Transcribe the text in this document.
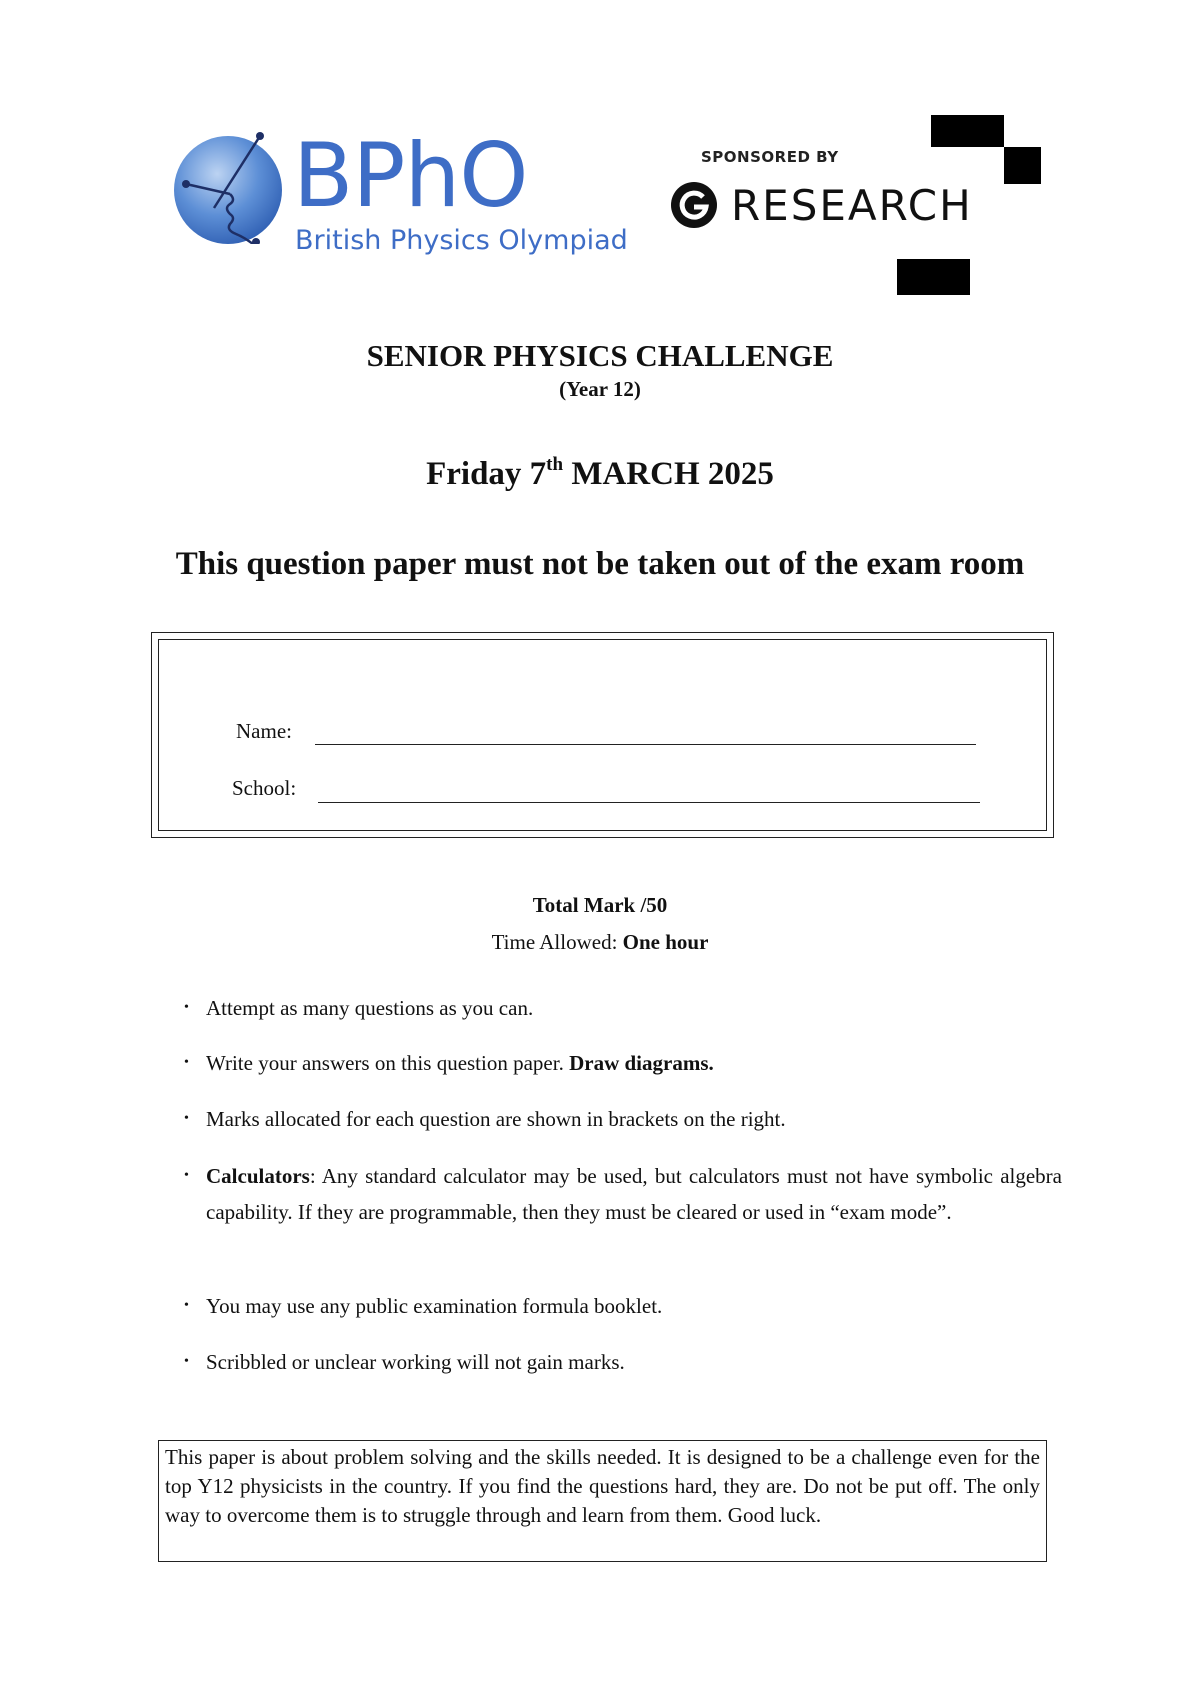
BPhO
British Physics Olympiad
SPONSORED BY
RESEARCH
SENIOR PHYSICS CHALLENGE
(Year 12)
Friday 7th MARCH 2025
This question paper must not be taken out of the exam room
Name:
School:
Total Mark /50
Time Allowed: One hour
• Attempt as many questions as you can.
• Write your answers on this question paper. Draw diagrams.
• Marks allocated for each question are shown in brackets on the right.
• Calculators: Any standard calculator may be used, but calculators must not have symbolic algebra capability. If they are programmable, then they must be cleared or used in “exam mode”.
• You may use any public examination formula booklet.
• Scribbled or unclear working will not gain marks.
This paper is about problem solving and the skills needed. It is designed to be a challenge even for the top Y12 physicists in the country. If you find the questions hard, they are. Do not be put off. The only way to overcome them is to struggle through and learn from them. Good luck.
